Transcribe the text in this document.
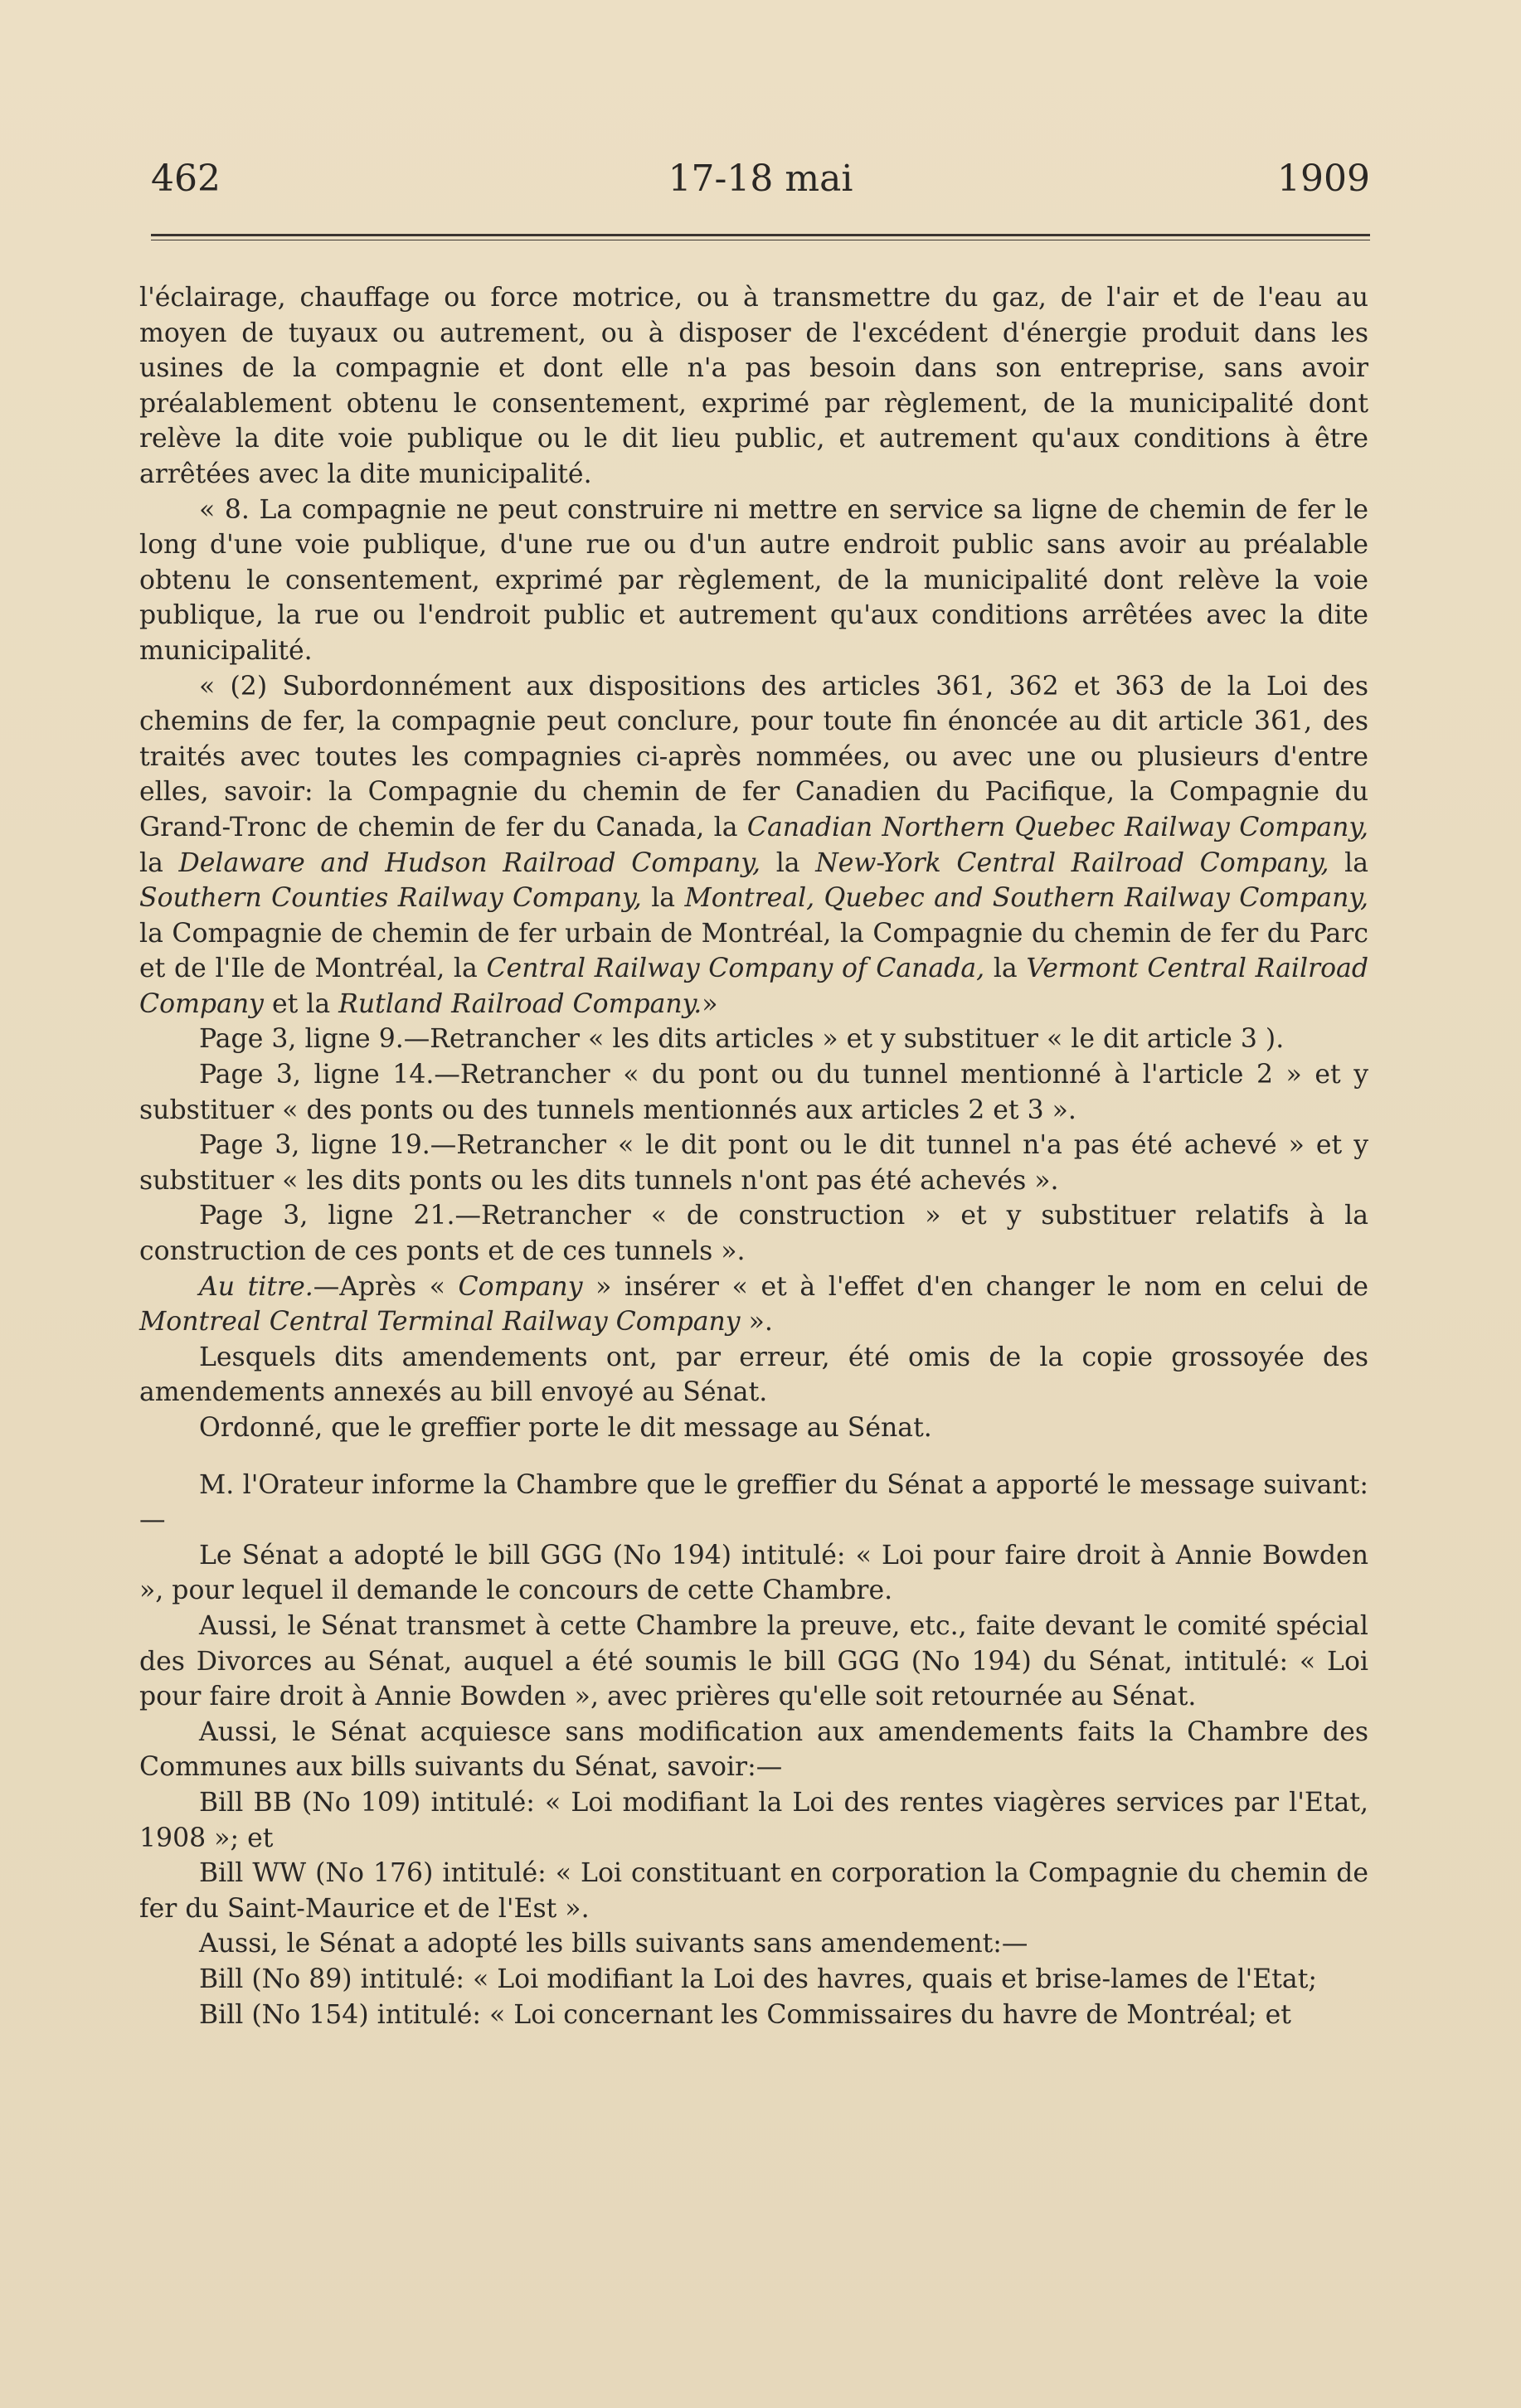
462	17-18 mai	1909

l'éclairage, chauffage ou force motrice, ou à transmettre du gaz, de l'air et de l'eau au moyen de tuyaux ou autrement, ou à disposer de l'excédent d'énergie produit dans les usines de la compagnie et dont elle n'a pas besoin dans son entreprise, sans avoir préalablement obtenu le consentement, exprimé par règlement, de la municipalité dont relève la dite voie publique ou le dit lieu public, et autrement qu'aux conditions à être arrêtées avec la dite municipalité.

« 8. La compagnie ne peut construire ni mettre en service sa ligne de chemin de fer le long d'une voie publique, d'une rue ou d'un autre endroit public sans avoir au préalable obtenu le consentement, exprimé par règlement, de la municipalité dont relève la voie publique, la rue ou l'endroit public et autrement qu'aux conditions arrêtées avec la dite municipalité.

« (2) Subordonnément aux dispositions des articles 361, 362 et 363 de la Loi des chemins de fer, la compagnie peut conclure, pour toute fin énoncée au dit article 361, des traités avec toutes les compagnies ci-après nommées, ou avec une ou plusieurs d'entre elles, savoir: la Compagnie du chemin de fer Canadien du Pacifique, la Compagnie du Grand-Tronc de chemin de fer du Canada, la Canadian Northern Quebec Railway Company, la Delaware and Hudson Railroad Company, la New-York Central Railroad Company, la Southern Counties Railway Company, la Montreal, Quebec and Southern Railway Company, la Compagnie de chemin de fer urbain de Montréal, la Compagnie du chemin de fer du Parc et de l'Ile de Montréal, la Central Railway Company of Canada, la Vermont Central Railroad Company et la Rutland Railroad Company.»

Page 3, ligne 9.—Retrancher « les dits articles » et y substituer « le dit article 3 ).

Page 3, ligne 14.—Retrancher « du pont ou du tunnel mentionné à l'article 2 » et y substituer « des ponts ou des tunnels mentionnés aux articles 2 et 3 ».

Page 3, ligne 19.—Retrancher « le dit pont ou le dit tunnel n'a pas été achevé » et y substituer « les dits ponts ou les dits tunnels n'ont pas été achevés ».

Page 3, ligne 21.—Retrancher « de construction » et y substituer relatifs à la construction de ces ponts et de ces tunnels ».

Au titre.—Après « Company » insérer « et à l'effet d'en changer le nom en celui de Montreal Central Terminal Railway Company ».

Lesquels dits amendements ont, par erreur, été omis de la copie grossoyée des amendements annexés au bill envoyé au Sénat.

Ordonné, que le greffier porte le dit message au Sénat.

M. l'Orateur informe la Chambre que le greffier du Sénat a apporté le message suivant:—

Le Sénat a adopté le bill GGG (No 194) intitulé: « Loi pour faire droit à Annie Bowden », pour lequel il demande le concours de cette Chambre.

Aussi, le Sénat transmet à cette Chambre la preuve, etc., faite devant le comité spécial des Divorces au Sénat, auquel a été soumis le bill GGG (No 194) du Sénat, intitulé: « Loi pour faire droit à Annie Bowden », avec prières qu'elle soit retournée au Sénat.

Aussi, le Sénat acquiesce sans modification aux amendements faits la Chambre des Communes aux bills suivants du Sénat, savoir:—

Bill BB (No 109) intitulé: « Loi modifiant la Loi des rentes viagères services par l'Etat, 1908 »; et

Bill WW (No 176) intitulé: « Loi constituant en corporation la Compagnie du chemin de fer du Saint-Maurice et de l'Est ».

Aussi, le Sénat a adopté les bills suivants sans amendement:—

Bill (No 89) intitulé: « Loi modifiant la Loi des havres, quais et brise-lames de l'Etat;

Bill (No 154) intitulé: « Loi concernant les Commissaires du havre de Montréal; et
